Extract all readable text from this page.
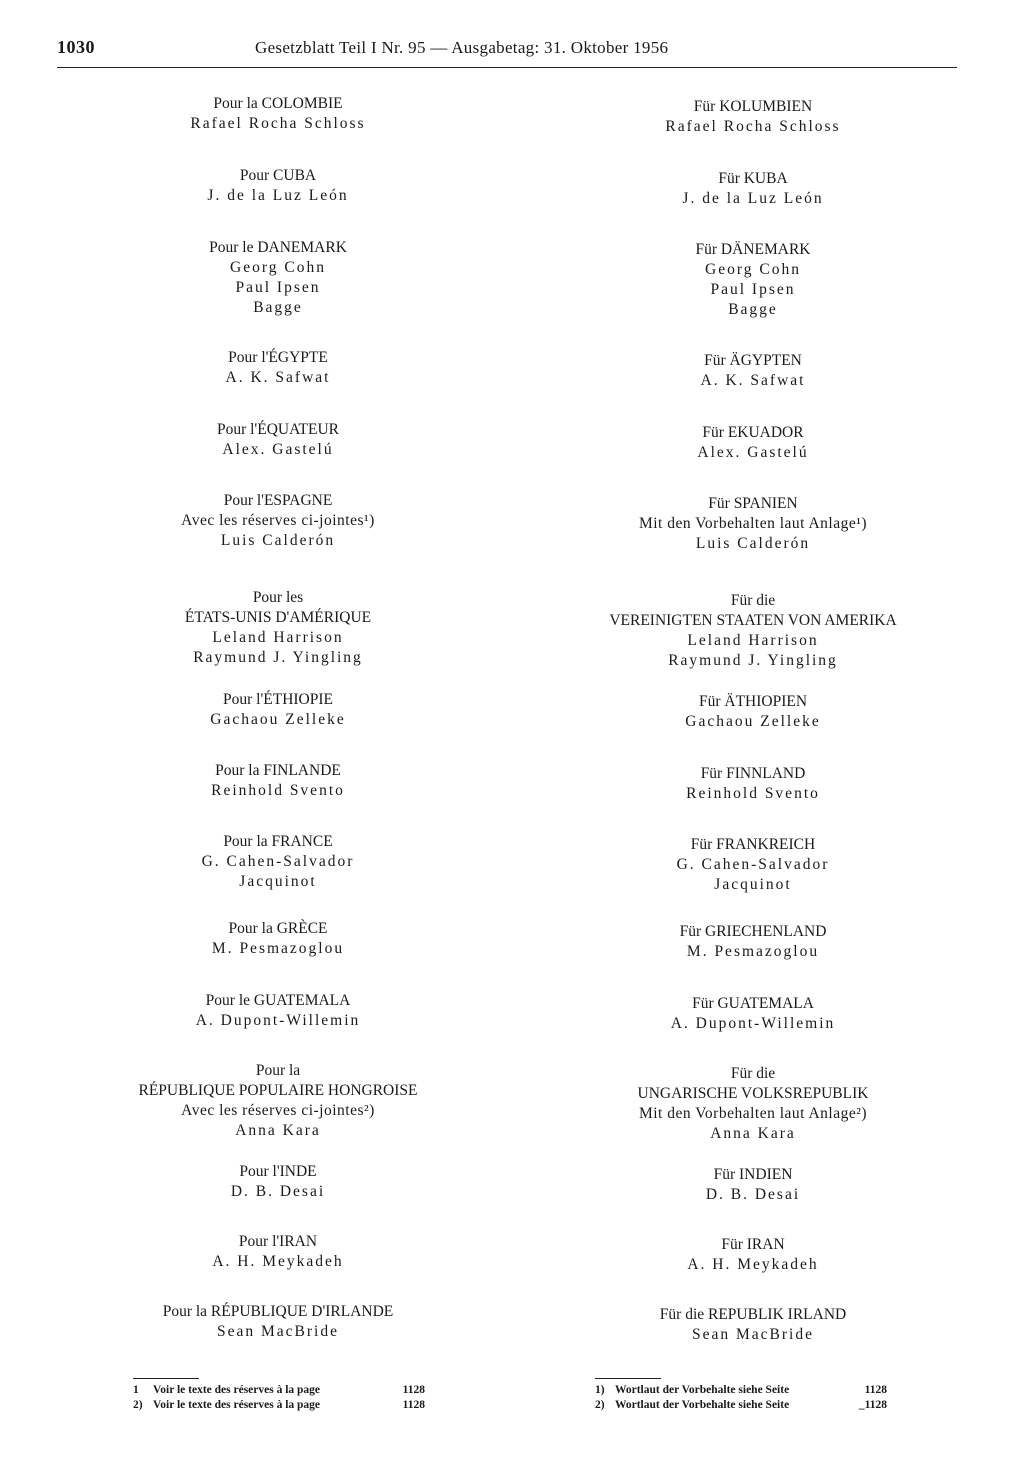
1030	Gesetzblatt Teil I Nr. 95 — Ausgabetag: 31. Oktober 1956
Pour la COLOMBIE
Rafael Rocha Schloss
Pour CUBA
J. de la Luz León
Pour le DANEMARK
Georg Cohn
Paul Ipsen
Bagge
Pour l'ÉGYPTE
A. K. Safwat
Pour l'ÉQUATEUR
Alex. Gastelú
Pour l'ESPAGNE
Avec les réserves ci-jointes¹)
Luis Calderón
Pour les
ÉTATS-UNIS D'AMÉRIQUE
Leland Harrison
Raymund J. Yingling
Pour l'ÉTHIOPIE
Gachaou Zelleke
Pour la FINLANDE
Reinhold Svento
Pour la FRANCE
G. Cahen-Salvador
Jacquinot
Pour la GRÈCE
M. Pesmazoglou
Pour le GUATEMALA
A. Dupont-Willemin
Pour la
RÉPUBLIQUE POPULAIRE HONGROISE
Avec les réserves ci-jointes²)
Anna Kara
Pour l'INDE
D. B. Desai
Pour l'IRAN
A. H. Meykadeh
Pour la RÉPUBLIQUE D'IRLANDE
Sean MacBride
Für KOLUMBIEN
Rafael Rocha Schloss
Für KUBA
J. de la Luz León
Für DÄNEMARK
Georg Cohn
Paul Ipsen
Bagge
Für ÄGYPTEN
A. K. Safwat
Für EKUADOR
Alex. Gastelú
Für SPANIEN
Mit den Vorbehalten laut Anlage¹)
Luis Calderón
Für die
VEREINIGTEN STAATEN VON AMERIKA
Leland Harrison
Raymund J. Yingling
Für ÄTHIOPIEN
Gachaou Zelleke
Für FINNLAND
Reinhold Svento
Für FRANKREICH
G. Cahen-Salvador
Jacquinot
Für GRIECHENLAND
M. Pesmazoglou
Für GUATEMALA
A. Dupont-Willemin
Für die
UNGARISCHE VOLKSREPUBLIK
Mit den Vorbehalten laut Anlage²)
Anna Kara
Für INDIEN
D. B. Desai
Für IRAN
A. H. Meykadeh
Für die REPUBLIK IRLAND
Sean MacBride
1 Voir le texte des réserves à la page	1128
2) Voir le texte des réserves à la page	1128
1) Wortlaut der Vorbehalte siehe Seite	1128
2) Wortlaut der Vorbehalte siehe Seite	_1128
